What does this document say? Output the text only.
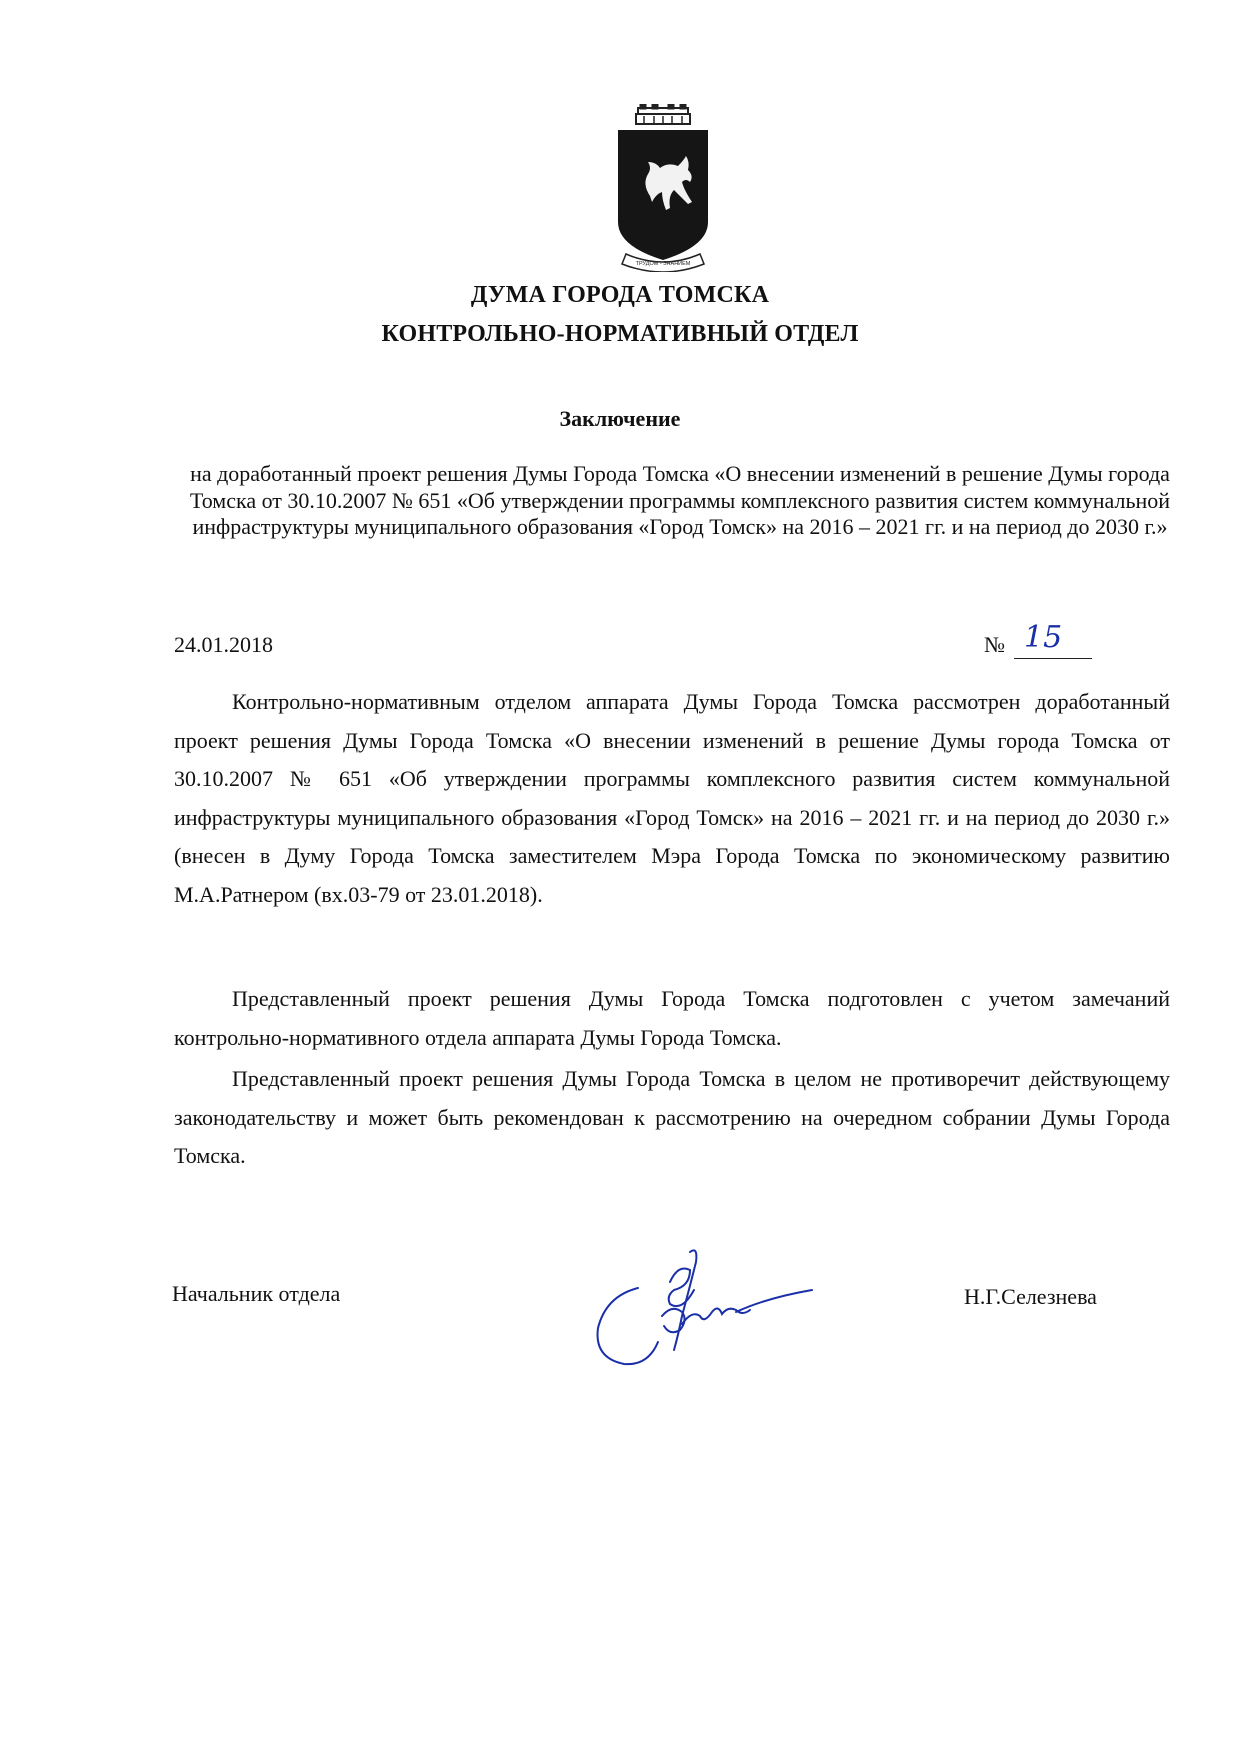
ТРУДОМ - ЗНАНИЕМ
ДУМА ГОРОДА ТОМСКА
КОНТРОЛЬНО-НОРМАТИВНЫЙ ОТДЕЛ
Заключение
на доработанный проект решения Думы Города Томска «О внесении изменений в решение Думы города Томска от 30.10.2007 № 651 «Об утверждении программы комплексного развития систем коммунальной инфраструктуры муниципального образования «Город Томск» на 2016 – 2021 гг. и на период до 2030 г.»
24.01.2018	№ 15

Контрольно-нормативным отделом аппарата Думы Города Томска рассмотрен доработанный проект решения Думы Города Томска «О внесении изменений в решение Думы города Томска от 30.10.2007 № 651 «Об утверждении программы комплексного развития систем коммунальной инфраструктуры муниципального образования «Город Томск» на 2016 – 2021 гг. и на период до 2030 г.» (внесен в Думу Города Томска заместителем Мэра Города Томска по экономическому развитию М.А.Ратнером (вх.03-79 от 23.01.2018).

Представленный проект решения Думы Города Томска подготовлен с учетом замечаний контрольно-нормативного отдела аппарата Думы Города Томска.

Представленный проект решения Думы Города Томска в целом не противоречит действующему законодательству и может быть рекомендован к рассмотрению на очередном собрании Думы Города Томска.

Начальник отдела	Н.Г.Селезнева
